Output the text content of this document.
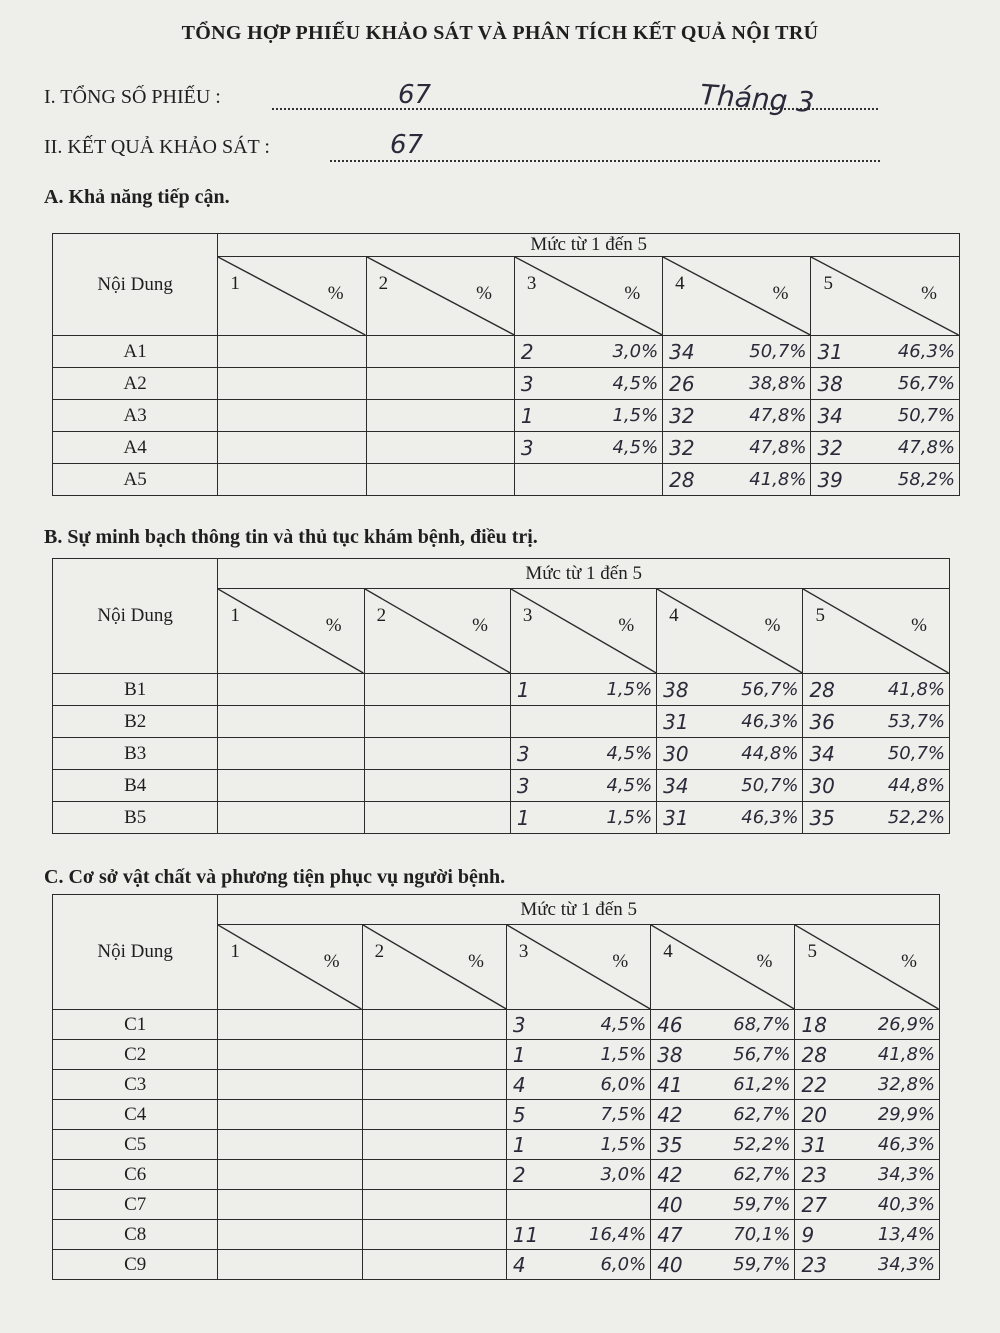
TỔNG HỢP PHIẾU KHẢO SÁT VÀ PHÂN TÍCH KẾT QUẢ NỘI TRÚ
I. TỔNG SỐ PHIẾU :	67	Tháng 3
II. KẾT QUẢ KHẢO SÁT :	67
A. Khả năng tiếp cận.
Nội Dung	Mức từ 1 đến 5									

	1 %		2 %		3 %		4 %		5 %	

A1					2	3,0%	34	50,7%	31	46,3%
A2					3	4,5%	26	38,8%	38	56,7%
A3					1	1,5%	32	47,8%	34	50,7%
A4					3	4,5%	32	47,8%	32	47,8%
A5							28	41,8%	39	58,2%
B. Sự minh bạch thông tin và thủ tục khám bệnh, điều trị.
Nội Dung	Mức từ 1 đến 5									

	1 %		2 %		3 %		4 %		5 %	

B1					1	1,5%	38	56,7%	28	41,8%
B2							31	46,3%	36	53,7%
B3					3	4,5%	30	44,8%	34	50,7%
B4					3	4,5%	34	50,7%	30	44,8%
B5					1	1,5%	31	46,3%	35	52,2%
C. Cơ sở vật chất và phương tiện phục vụ người bệnh.
Nội Dung	Mức từ 1 đến 5									

	1 %		2 %		3 %		4 %		5 %	

C1					3	4,5%	46	68,7%	18	26,9%
C2					1	1,5%	38	56,7%	28	41,8%
C3					4	6,0%	41	61,2%	22	32,8%
C4					5	7,5%	42	62,7%	20	29,9%
C5					1	1,5%	35	52,2%	31	46,3%
C6					2	3,0%	42	62,7%	23	34,3%
C7							40	59,7%	27	40,3%
C8					11	16,4%	47	70,1%	9	13,4%
C9					4	6,0%	40	59,7%	23	34,3%
